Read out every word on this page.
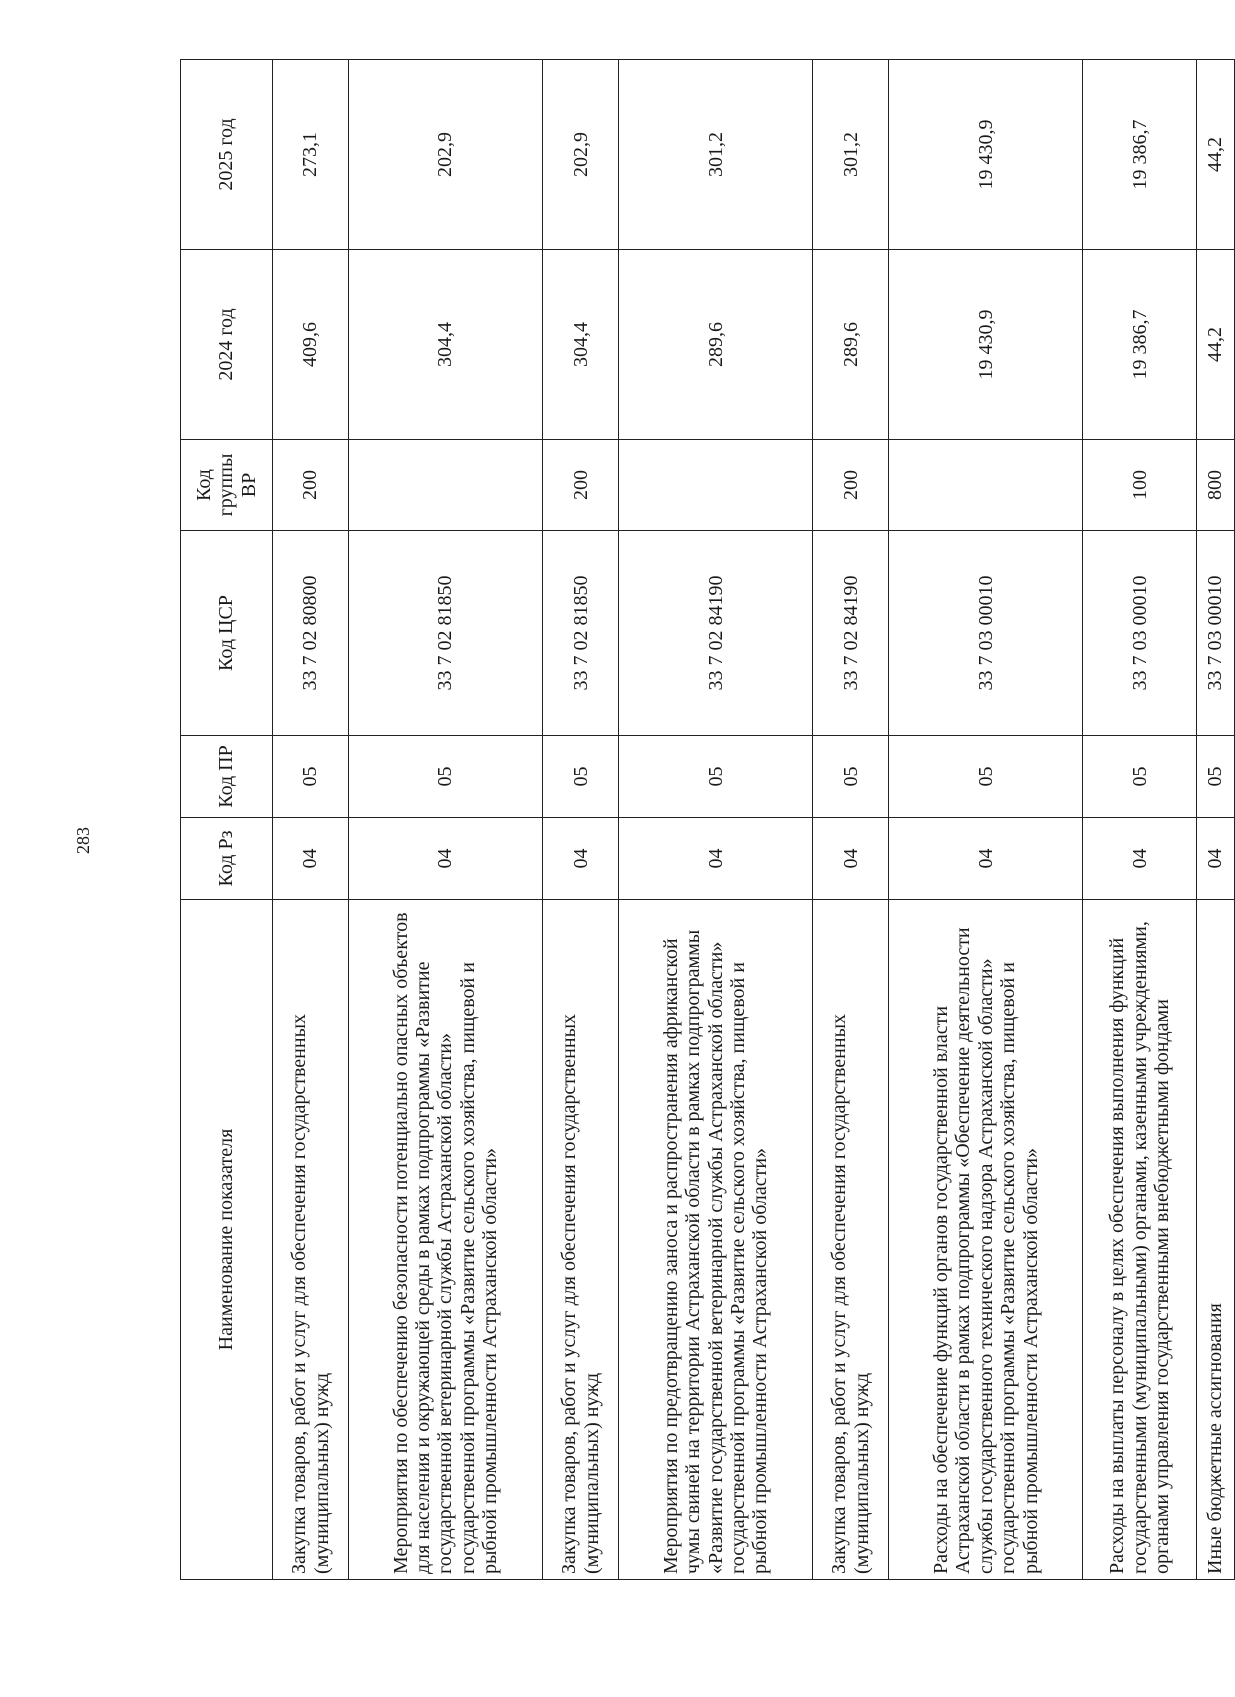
283
Наименование показателя	Код Рз	Код ПР	Код ЦСР	Код группы ВР	2024 год	2025 год
Закупка товаров, работ и услуг для обеспечения государственных (муниципальных) нужд	04	05	33 7 02 80800	200	409,6	273,1
Мероприятия по обеспечению безопасности потенциально опасных объектов для населения и окружающей среды в рамках подпрограммы «Развитие государственной ветеринарной службы Астраханской области» государственной программы «Развитие сельского хозяйства, пищевой и рыбной промышленности Астраханской области»	04	05	33 7 02 81850		304,4	202,9
Закупка товаров, работ и услуг для обеспечения государственных (муниципальных) нужд	04	05	33 7 02 81850	200	304,4	202,9
Мероприятия по предотвращению заноса и распространения африканской чумы свиней на территории Астраханской области в рамках подпрограммы «Развитие государственной ветеринарной службы Астраханской области» государственной программы «Развитие сельского хозяйства, пищевой и рыбной промышленности Астраханской области»	04	05	33 7 02 84190		289,6	301,2
Закупка товаров, работ и услуг для обеспечения государственных (муниципальных) нужд	04	05	33 7 02 84190	200	289,6	301,2
Расходы на обеспечение функций органов государственной власти Астраханской области в рамках подпрограммы «Обеспечение деятельности службы государственного технического надзора Астраханской области» государственной программы «Развитие сельского хозяйства, пищевой и рыбной промышленности Астраханской области»	04	05	33 7 03 00010		19 430,9	19 430,9
Расходы на выплаты персоналу в целях обеспечения выполнения функций государственными (муниципальными) органами, казенными учреждениями, органами управления государственными внебюджетными фондами	04	05	33 7 03 00010	100	19 386,7	19 386,7
Иные бюджетные ассигнования	04	05	33 7 03 00010	800	44,2	44,2
